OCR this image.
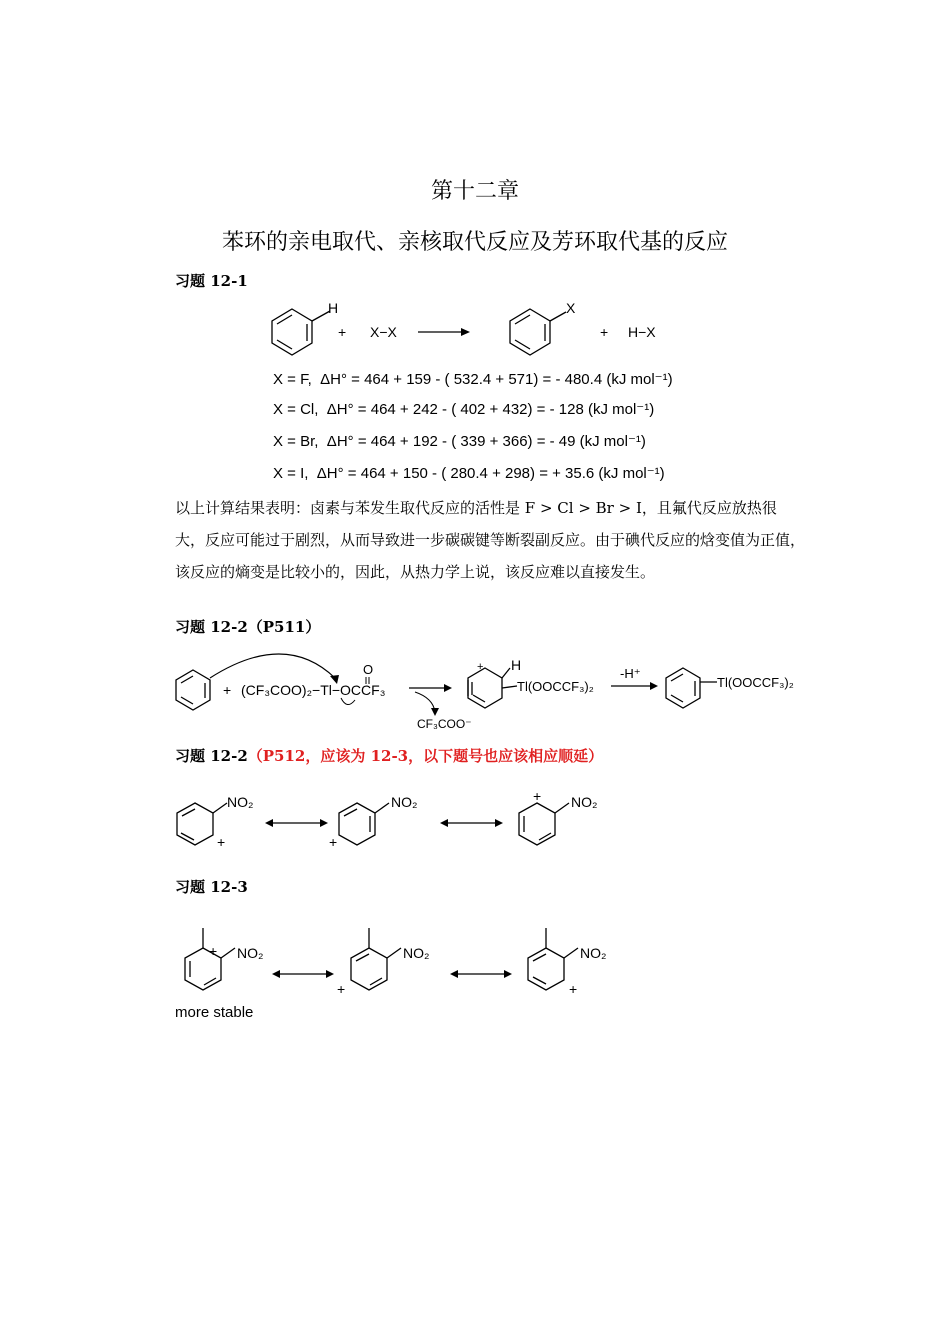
第十二章
苯环的亲电取代、亲核取代反应及芳环取代基的反应
习题 12-1
H
+ X−X
X
+ H−X
X = F, ΔH° = 464 + 159 - ( 532.4 + 571) = - 480.4 (kJ mol⁻¹)
X = Cl, ΔH° = 464 + 242 - ( 402 + 432) = - 128 (kJ mol⁻¹)
X = Br, ΔH° = 464 + 192 - ( 339 + 366) = - 49 (kJ mol⁻¹)
X = I, ΔH° = 464 + 150 - ( 280.4 + 298) = + 35.6 (kJ mol⁻¹)
以上计算结果表明：卤素与苯发生取代反应的活性是 F > Cl > Br > I，且氟代反应放热很大，反应可能过于剧烈，从而导致进一步碳碳键等断裂副反应。由于碘代反应的焓变值为正值，该反应的熵变是比较小的，因此，从热力学上说，该反应难以直接发生。
习题 12-2（P511）
+ (CF₃COO)₂−Tl−OCCF₃
O
CF₃COO⁻
+ H
Tl(OOCCF₃)₂
-H⁺
Tl(OOCCF₃)₂
习题 12-2（P512，应该为 12-3，以下题号也应该相应顺延）
NO₂
+
NO₂
+
NO₂
+
习题 12-3
+ NO₂	NO₂
+
NO₂
+
more stable
